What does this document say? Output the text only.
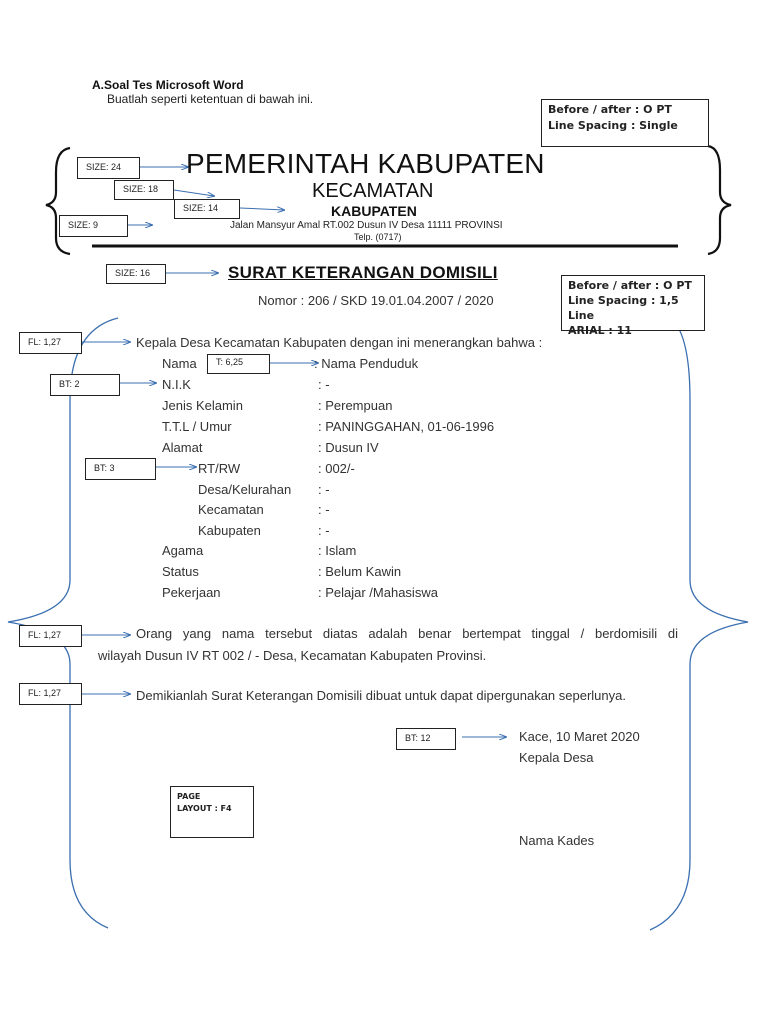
A.Soal Tes Microsoft Word
Buatlah seperti ketentuan di bawah ini.
Before / after : O PT
Line Spacing : Single
SIZE: 24
SIZE: 18
SIZE: 14
SIZE: 9
PEMERINTAH KABUPATEN
KECAMATAN
KABUPATEN
Jalan Mansyur Amal RT.002 Dusun IV Desa 11111 PROVINSI
Telp. (0717)
SIZE: 16	SURAT KETERANGAN DOMISILI
Nomor : 206 / SKD 19.01.04.2007 / 2020
Before / after : O PT
Line Spacing : 1,5 Line
ARIAL : 11
FL: 1,27
T: 6,25
BT: 2
BT: 3
FL: 1,27
FL: 1,27
BT: 12
Kepala Desa Kecamatan Kabupaten dengan ini menerangkan bahwa :
Nama	: Nama Penduduk
N.I.K	: -
Jenis Kelamin	: Perempuan
T.T.L / Umur	: PANINGGAHAN, 01-06-1996
Alamat	: Dusun IV
RT/RW	: 002/-
Desa/Kelurahan : -
Kecamatan	: -
Kabupaten	: -
Agama	: Islam
Status	: Belum Kawin
Pekerjaan	: Pelajar /Mahasiswa
Orang yang nama tersebut diatas adalah benar bertempat tinggal / berdomisili di
wilayah Dusun IV RT 002 / - Desa, Kecamatan Kabupaten Provinsi.
Demikianlah Surat Keterangan Domisili dibuat untuk dapat dipergunakan seperlunya.
Kace, 10 Maret 2020
Kepala Desa
PAGE
LAYOUT : F4
Nama Kades
